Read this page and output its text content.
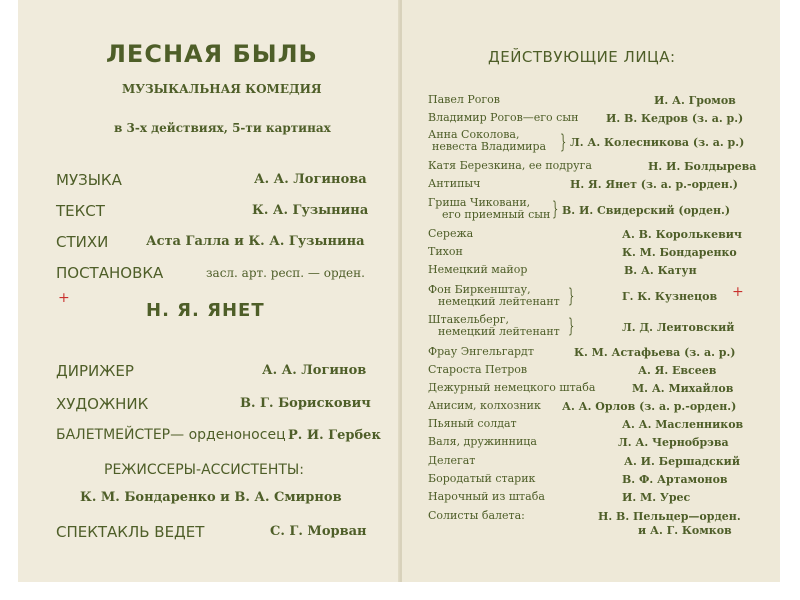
ЛЕСНАЯ БЫЛЬ
МУЗЫКАЛЬНАЯ КОМЕДИЯ
в 3-х действиях, 5-ти картинах
МУЗЫКА	А. А. Логинова
ТЕКСТ	К. А. Гузынина
СТИХИ	Аста Галла и К. А. Гузынина
ПОСТАНОВКА	засл. арт. респ. — орден.
+
Н. Я. ЯНЕТ
ДИРИЖЕР	А. А. Логинов
ХУДОЖНИК	В. Г. Борискович
БАЛЕТМЕЙСТЕР— орденоносец Р. И. Гербек
РЕЖИССЕРЫ-АССИСТЕНТЫ:
К. М. Бондаренко и В. А. Смирнов
СПЕКТАКЛЬ ВЕДЕТ	С. Г. Морван
ДЕЙСТВУЮЩИЕ ЛИЦА:
Павел Рогов	И. А. Громов
Владимир Рогов—его сын	И. В. Кедров (з. а. р.)
Анна Соколова,
невеста Владимира } Л. А. Колесникова (з. а. р.)
Катя Березкина, ее подруга	Н. И. Болдырева
Антипыч	Н. Я. Янет (з. а. р.-орден.)
Гриша Чиковани,
его приемный сын } В. И. Свидерский (орден.)
Сережа	А. В. Королькевич
Тихон	К. М. Бондаренко
Немецкий майор	В. А. Катун
Фон Биркенштау,
немецкий лейтенант }	Г. К. Кузнецов +
Штакельберг,
немецкий лейтенант }	Л. Д. Леитовский
Фрау Энгельгардт	К. М. Астафьева (з. а. р.)
Староста Петров	А. Я. Евсеев
Дежурный немецкого штаба	М. А. Михайлов
Анисим, колхозник А. А. Орлов (з. а. р.-орден.)
Пьяный солдат	А. А. Масленников
Валя, дружинница	Л. А. Чернобрэва
Делегат	А. И. Бершадский
Бородатый старик	В. Ф. Артамонов
Нарочный из штаба	И. М. Урес
Солисты балета:	Н. В. Пельцер—орден.
и А. Г. Комков
